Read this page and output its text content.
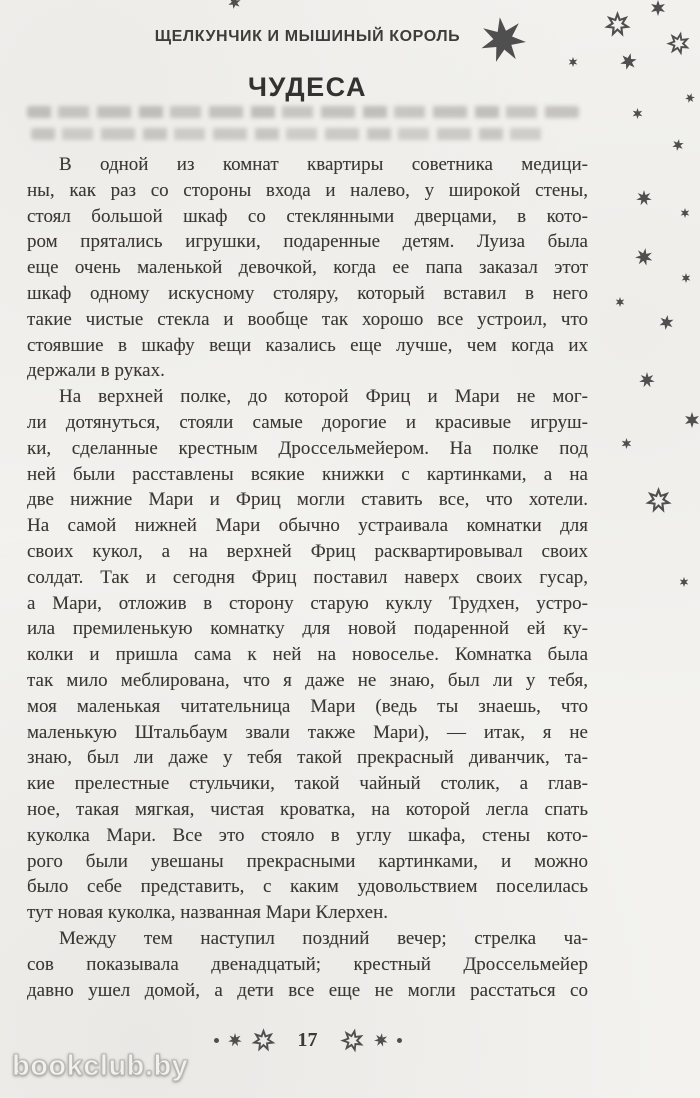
ЩЕЛКУНЧИК И МЫШИНЫЙ КОРОЛЬ
ЧУДЕСА
В одной из комнат квартиры советника медици-
ны, как раз со стороны входа и налево, у широкой стены,
стоял большой шкаф со стеклянными дверцами, в кото-
ром прятались игрушки, подаренные детям. Луиза была
еще очень маленькой девочкой, когда ее папа заказал этот
шкаф одному искусному столяру, который вставил в него
такие чистые стекла и вообще так хорошо все устроил, что
стоявшие в шкафу вещи казались еще лучше, чем когда их
держали в руках.
На верхней полке, до которой Фриц и Мари не мог-
ли дотянуться, стояли самые дорогие и красивые игруш-
ки, сделанные крестным Дроссельмейером. На полке под
ней были расставлены всякие книжки с картинками, а на
две нижние Мари и Фриц могли ставить все, что хотели.
На самой нижней Мари обычно устраивала комнатки для
своих кукол, а на верхней Фриц расквартировывал своих
солдат. Так и сегодня Фриц поставил наверх своих гусар,
а Мари, отложив в сторону старую куклу Трудхен, устро-
ила премиленькую комнатку для новой подаренной ей ку-
колки и пришла сама к ней на новоселье. Комнатка была
так мило меблирована, что я даже не знаю, был ли у тебя,
моя маленькая читательница Мари (ведь ты знаешь, что
маленькую Штальбаум звали также Мари), — итак, я не
знаю, был ли даже у тебя такой прекрасный диванчик, та-
кие прелестные стульчики, такой чайный столик, а глав-
ное, такая мягкая, чистая кроватка, на которой легла спать
куколка Мари. Все это стояло в углу шкафа, стены кото-
рого были увешаны прекрасными картинками, и можно
было себе представить, с каким удовольствием поселилась
тут новая куколка, названная Мари Клерхен.
Между тем наступил поздний вечер; стрелка ча-
сов показывала двенадцатый; крестный Дроссельмейер
давно ушел домой, а дети все еще не могли расстаться со
17
bookclub.by
